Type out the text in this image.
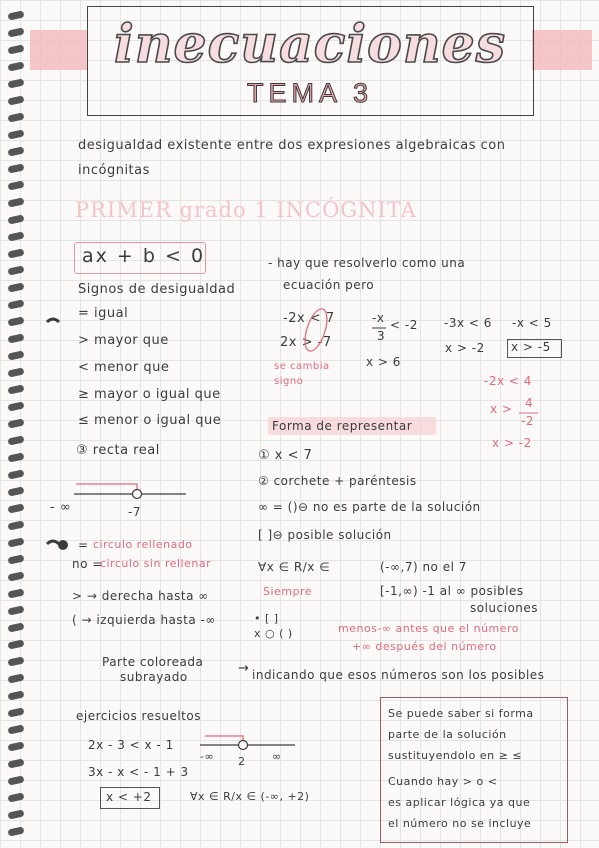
inecuaciones
TEMA 3
desigualdad existente entre dos expresiones algebraicas con
incógnitas
PRIMER grado 1 INCÓGNITA
ax + b < 0
Signos de desigualdad
= igual
> mayor que
< menor que
≥ mayor o igual que
≤ menor o igual que
- hay que resolverlo como una
ecuación pero
-2x < 7
2x > -7
se cambia
signo
-x
3
< -2
x > 6
-3x < 6
x > -2
-x < 5
x > -5
-2x < 4
x > 4
-2
x > -2
③ recta real
- ∞	-7
Forma de representar
① x < 7
② corchete + paréntesis
∞ = ()⊖ no es parte de la solución
[ ]⊖ posible solución
∀x ∈ R/x ∈
Siempre
(-∞,7) no el 7
[-1,∞) -1 al ∞ posibles
soluciones
• [ ]
x ○ ( )
= circulo rellenado
no =
circulo sin rellenar
> → derecha hasta ∞
( → izquierda hasta -∞
menos-∞ antes que el número
+∞ después del número
Parte coloreada
subrayado
→ indicando que esos números son los posibles
ejercicios resueltos
2x - 3 < x - 1
3x - x < - 1 + 3
x < +2	∀x ∈ R/x ∈ (-∞, +2)
-∞ 2 ∞
Se puede saber si forma
parte de la solución
sustituyendolo en ≥ ≤
Cuando hay > o <
es aplicar lógica ya que
el número no se incluye
